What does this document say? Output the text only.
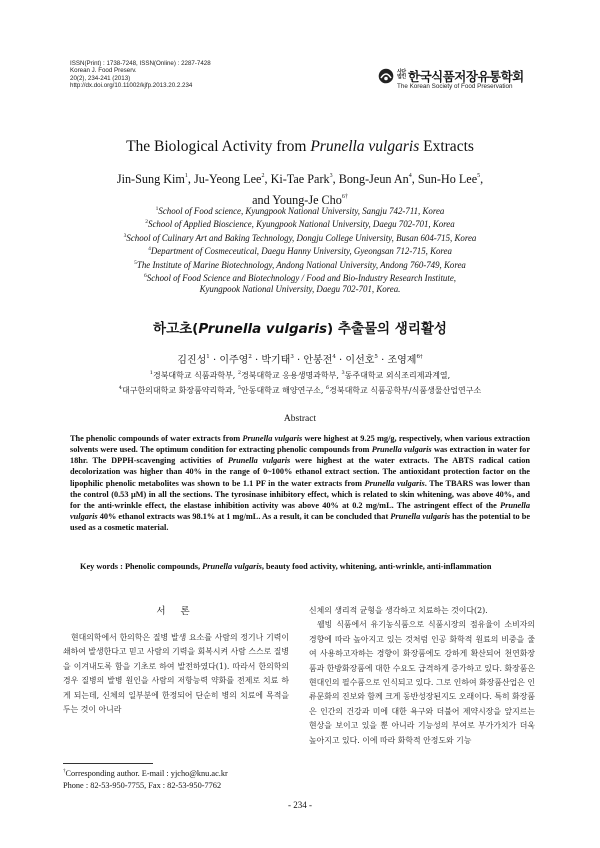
ISSN(Print) : 1738-7248, ISSN(Online) : 2287-7428
Korean J. Food Preserv.
20(2), 234-241 (2013)
http://dx.doi.org/10.11002/kjfp.2013.20.2.234
사단법인 한국식품저장유통학회
The Korean Society of Food Preservation
The Biological Activity from Prunella vulgaris Extracts
Jin-Sung Kim$^1$, Ju-Yeong Lee$^2$, Ki-Tae Park$^3$, Bong-Jeun An$^4$, Sun-Ho Lee$^5$,
and Young-Je Cho$^{6\dagger}$
$^1$School of Food science, Kyungpook National University, Sangju 742-711, Korea
$^2$School of Applied Bioscience, Kyungpook National University, Daegu 702-701, Korea
$^3$School of Culinary Art and Baking Technology, Dongju College University, Busan 604-715, Korea
$^4$Department of Cosmeceutical, Daegu Hanny University, Gyeongsan 712-715, Korea
$^5$The Institute of Marine Biotechnology, Andong National University, Andong 760-749, Korea
$^6$School of Food Science and Biotechnology / Food and Bio-Industry Research Institute,
Kyungpook National University, Daegu 702-701, Korea.
하고초(Prunella vulgaris) 추출물의 생리활성
김진성$^1$ · 이주영$^2$ · 박기태$^3$ · 안봉전$^4$ · 이선호$^5$ · 조영제$^{6\dagger}$
$^1$경북대학교 식품과학부, $^2$경북대학교 응용생명과학부, $^3$동주대학교 외식조리제과계열,
$^4$대구한의대학교 화장품약리학과, $^5$안동대학교 해양연구소, $^6$경북대학교 식품공학부/식품생물산업연구소
Abstract
The phenolic compounds of water extracts from Prunella vulgaris were highest at 9.25 mg/g, respectively, when various extraction solvents were used. The optimum condition for extracting phenolic compounds from Prunella vulgaris was extraction in water for 18hr. The DPPH-scavenging activities of Prunella vulgaris were highest at the water extracts. The ABTS radical cation decolorization was higher than 40% in the range of 0~100% ethanol extract section. The antioxidant protection factor on the lipophilic phenolic metabolites was shown to be 1.1 PF in the water extracts from Prunella vulgaris. The TBARS was lower than the control (0.53 μM) in all the sections. The tyrosinase inhibitory effect, which is related to skin whitening, was above 40%, and for the anti-wrinkle effect, the elastase inhibition activity was above 40% at 0.2 mg/mL. The astringent effect of the Prunella vulgaris 40% ethanol extracts was 98.1% at 1 mg/mL. As a result, it can be concluded that Prunella vulgaris has the potential to be used as a cosmetic material.
Key words : Phenolic compounds, Prunella vulgaris, beauty food activity, whitening, anti-wrinkle, anti-inflammation
서 론

현대의학에서 한의학은 질병 발생 요소를 사람의 정기나 기력이 쇄하여 발생한다고 믿고 사람의 기력을 회복시켜 사람 스스로 질병을 이겨내도록 함을 기초로 하여 발전하였다(1). 따라서 한의학의 경우 질병의 발병 원인을 사람의 저항능력 약화를 전제로 치료 하게 되는데, 신체의 일부분에 한정되어 단순히 병의 치료에 목적을 두는 것이 아니라

신체의 생리적 균형을 생각하고 치료하는 것이다(2).

웰빙 식품에서 유기농식품으로 식품시장의 점유율이 소비자의 경향에 따라 높아지고 있는 것처럼 인공 화학적 원료의 비중을 줄여 사용하고자하는 경향이 화장품에도 강하게 확산되어 천연화장품과 한방화장품에 대한 수요도 급격하게 증가하고 있다. 화장품은 현대인의 필수품으로 인식되고 있다. 그로 인하여 화장품산업은 인류문화의 진보와 함께 크게 동반성장된지도 오래이다. 특히 화장품은 인간의 건강과 미에 대한 욕구와 더불어 제약시장을 앞지르는 현상을 보이고 있을 뿐 아니라 기능성의 부여로 부가가치가 더욱 높아지고 있다. 이에 따라 화학적 안정도와 기능

†Corresponding author. E-mail : yjcho@knu.ac.kr
Phone : 82-53-950-7755, Fax : 82-53-950-7762
- 234 -
